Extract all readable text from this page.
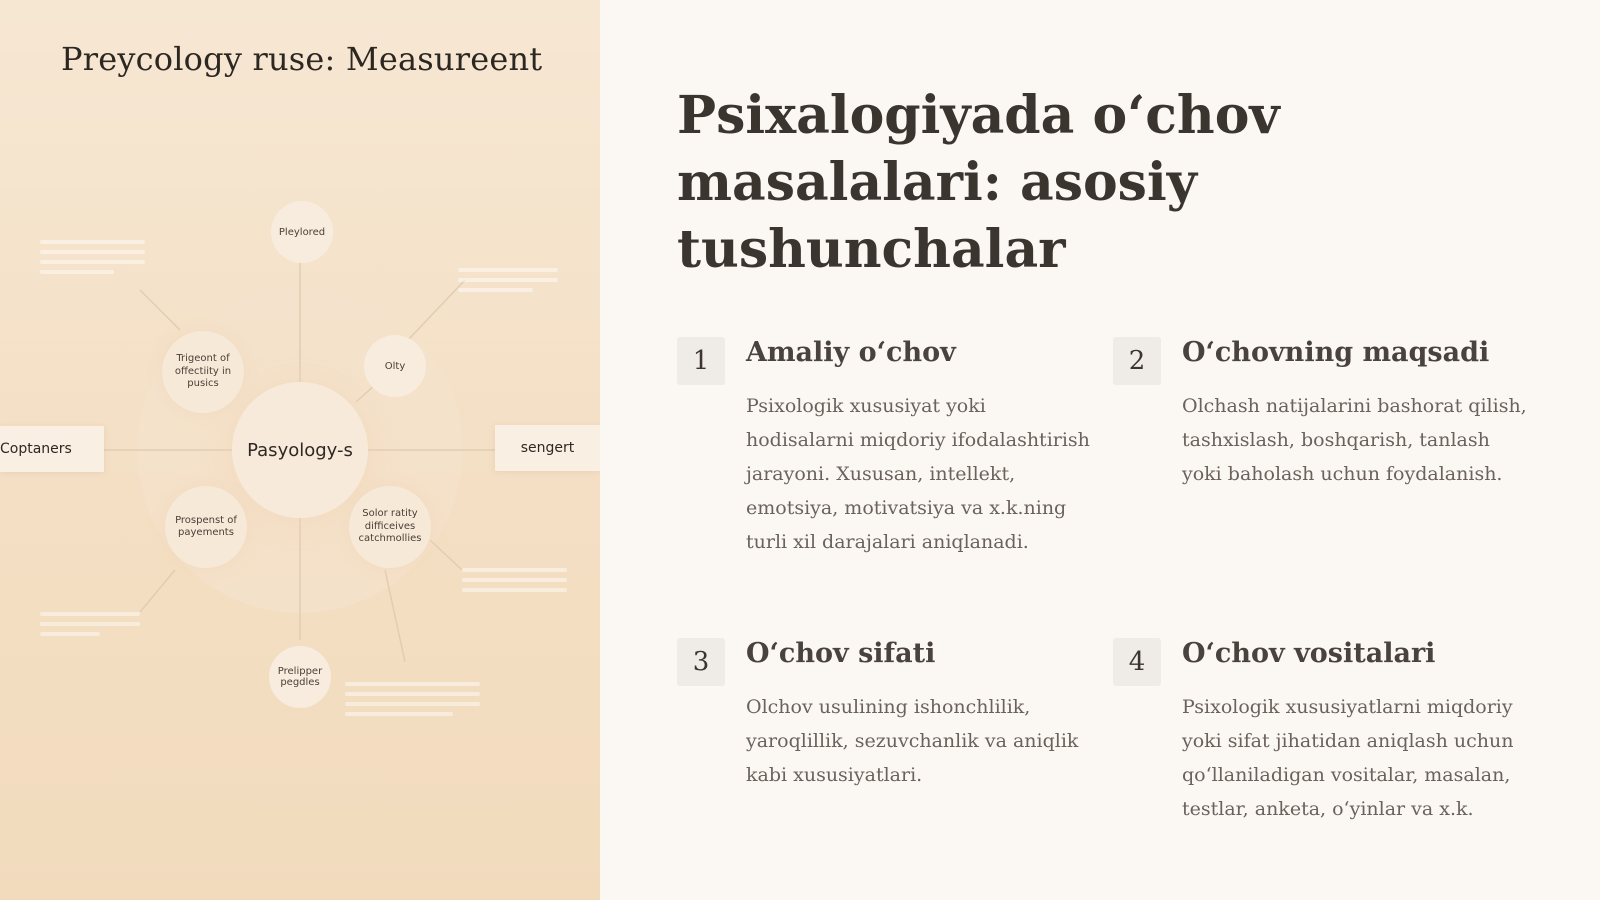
Preycology ruse: Measureent
Pasyology-s
Pleylored
Trigeont of offectiity in pusics
Olty
Prospenst of payements
Solor ratity difficeives catchmollies
Prelipper pegdles
Coptaners	sengert
Psixalogiyada oʻchov masalalari: asosiy tushunchalar
1	Amaliy oʻchov

Psixologik xususiyat yoki hodisalarni miqdoriy ifodalashtirish jarayoni. Xususan, intellekt, emotsiya, motivatsiya va x.k.ning turli xil darajalari aniqlanadi.

2	Oʻchovning maqsadi

Olchash natijalarini bashorat qilish, tashxislash, boshqarish, tanlash yoki baholash uchun foydalanish.

3	Oʻchov sifati

Olchov usulining ishonchlilik, yaroqlillik, sezuvchanlik va aniqlik kabi xususiyatlari.

4	Oʻchov vositalari

Psixologik xususiyatlarni miqdoriy yoki sifat jihatidan aniqlash uchun qoʻllaniladigan vositalar, masalan, testlar, anketa, oʻyinlar va x.k.
